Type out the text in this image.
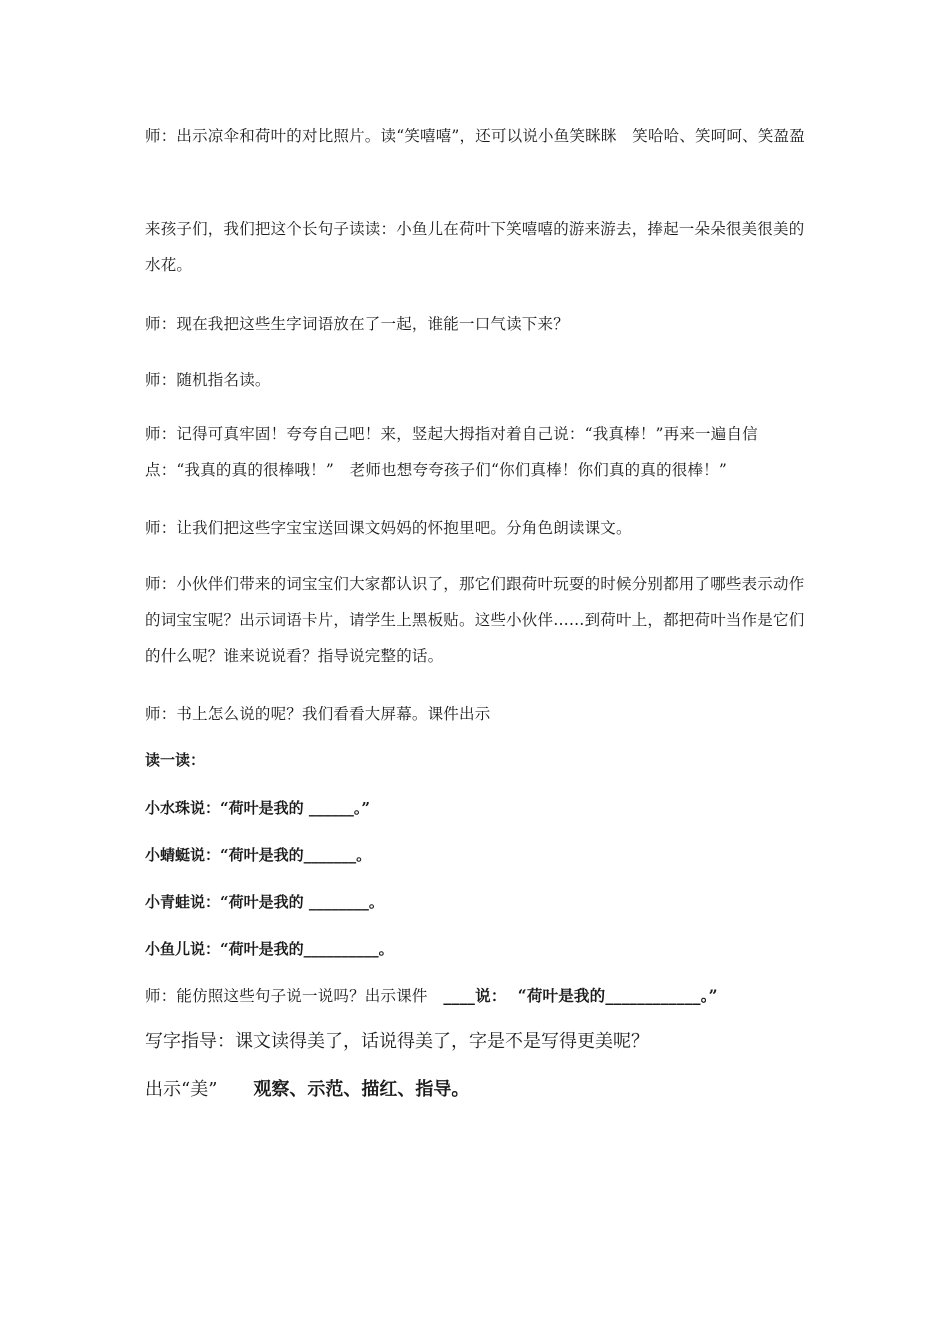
师：出示凉伞和荷叶的对比照片。读“笑嘻嘻”，还可以说小鱼笑眯眯　笑哈哈、笑呵呵、笑盈盈

来孩子们，我们把这个长句子读读：小鱼儿在荷叶下笑嘻嘻的游来游去，捧起一朵朵很美很美的水花。

师：现在我把这些生字词语放在了一起，谁能一口气读下来？

师：随机指名读。

师：记得可真牢固！夸夸自己吧！来，竖起大拇指对着自己说：“我真棒！”再来一遍自信点：“我真的真的很棒哦！”　老师也想夸夸孩子们“你们真棒！你们真的真的很棒！”

师：让我们把这些字宝宝送回课文妈妈的怀抱里吧。分角色朗读课文。

师：小伙伴们带来的词宝宝们大家都认识了，那它们跟荷叶玩耍的时候分别都用了哪些表示动作的词宝宝呢？出示词语卡片，请学生上黑板贴。这些小伙伴……到荷叶上，都把荷叶当作是它们的什么呢？谁来说说看？指导说完整的话。

师：书上怎么说的呢？我们看看大屏幕。课件出示

读一读：

小水珠说：“荷叶是我的 ______。”

小蜻蜓说：“荷叶是我的_______。

小青蛙说：“荷叶是我的 ________。

小鱼儿说：“荷叶是我的__________。

师：能仿照这些句子说一说吗？出示课件　____说：  “荷叶是我的____________。”

写字指导：课文读得美了，话说得美了，字是不是写得更美呢？

出示“美”　　观察、示范、描红、指导。
